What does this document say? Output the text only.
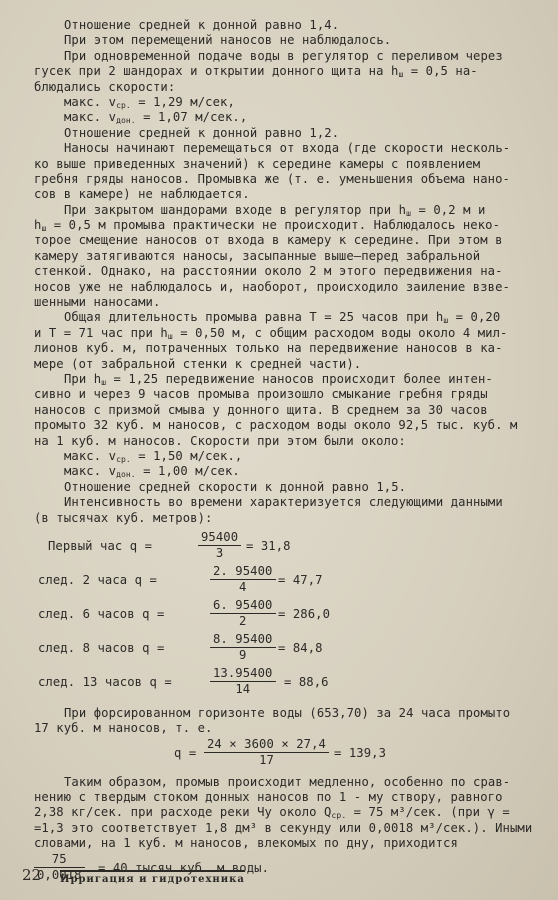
Отношение средней к донной равно 1,4.
При этом перемещений наносов не наблюдалось.
При одновременной подаче воды в регулятор с переливом через
гусек при 2 шандорах и открытии донного щита на hш = 0,5 на-
блюдались скорости:
макс. vср. = 1,29 м/сек,
макс. vдон. = 1,07 м/сек.,
Отношение средней к донной равно 1,2.
Наносы начинают перемещаться от входа (где скорости несколь-
ко выше приведенных значений) к середине камеры с появлением
гребня гряды наносов. Промывка же (т. е. уменьшения объема нано-
сов в камере) не наблюдается.
При закрытом шандорами входе в регулятор при hш = 0,2 м и
hш = 0,5 м промыва практически не происходит. Наблюдалось неко-
торое смещение наносов от входа в камеру к середине. При этом в
камеру затягиваются наносы, засыпанные выше—перед забральной
стенкой. Однако, на расстоянии около 2 м этого передвижения на-
носов уже не наблюдалось и, наоборот, происходило заиление взве-
шенными наносами.
Общая длительность промыва равна T = 25 часов при hш = 0,20
и T = 71 час при hш = 0,50 м, с общим расходом воды около 4 мил-
лионов куб. м, потраченных только на передвижение наносов в ка-
мере (от забральной стенки к средней части).
При hш = 1,25 передвижение наносов происходит более интен-
сивно и через 9 часов промыва произошло смыкание гребня гряды
наносов с призмой смыва у донного щита. В среднем за 30 часов
промыто 32 куб. м наносов, с расходом воды около 92,5 тыс. куб. м
на 1 куб. м наносов. Скорости при этом были около:
макс. vср. = 1,50 м/сек.,
макс. vдон. = 1,00 м/сек.
Отношение средней скорости к донной равно 1,5.
Интенсивность во времени характеризуется следующими данными
(в тысячах куб. метров):
Первый час q =	$\frac{95400}{3} = 31,8$
след. 2 часа q =	$\frac{2. 95400}{4} = 47,7$
след. 6 часов q =	$\frac{6. 95400}{2} = 286,0$
след. 8 часов q =	$\frac{8. 95400}{9} = 84,8$
след. 13 часов q =	$\frac{13.95400}{14} = 88,6$
При форсированном горизонте воды (653,70) за 24 часа промыто
17 куб. м наносов, т. е.
$q = \frac{24 \times 3600 \times 27,4}{17} = 139,3$
Таким образом, промыв происходит медленно, особенно по срав-
нению с твердым стоком донных наносов по 1 - му створу, равного
2,38 кг/сек. при расходе реки Чу около Qср. = 75 м³/сек. (при γ =
=1,3 это соответствует 1,8 дм³ в секунду или 0,0018 м³/сек.). Иными
словами, на 1 куб. м наносов, влекомых по дну, приходится
$\frac{75}{0,0018} = 40$ тысяч куб. м воды.
22 Ирригация и гидротехника
